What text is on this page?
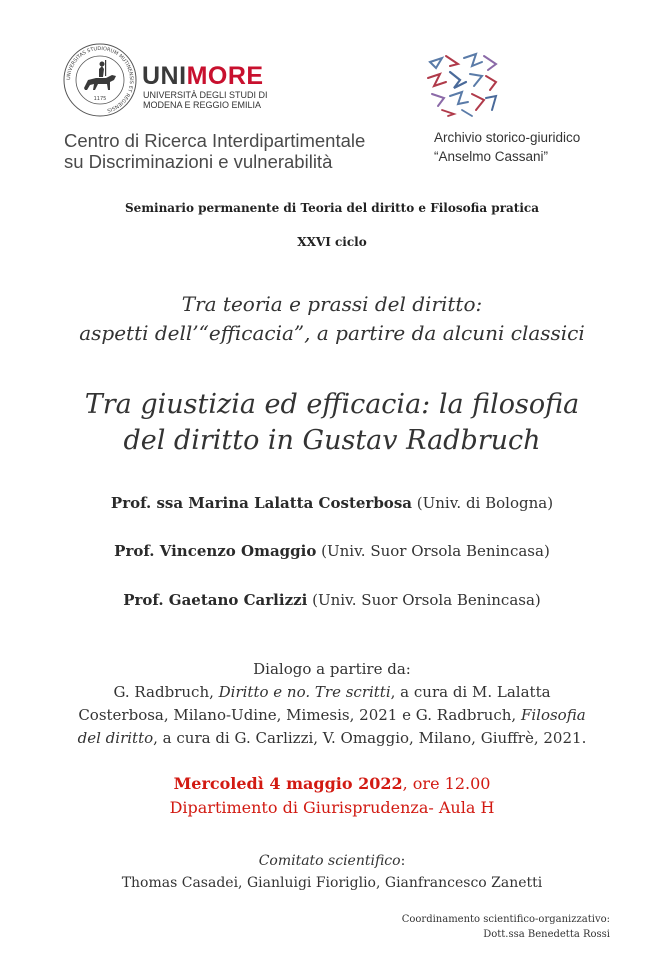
UNIVERSITAS STUDIORUM MUTINENSIS ET REGIENSIS
1175
UNIMORE
UNIVERSITÀ DEGLI STUDI DI
MODENA E REGGIO EMILIA
Centro di Ricerca Interdipartimentale
su Discriminazioni e vulnerabilità
Archivio storico-giuridico
“Anselmo Cassani”
Seminario permanente di Teoria del diritto e Filosofia pratica
XXVI ciclo
Tra teoria e prassi del diritto:
aspetti dell’“efficacia”, a partire da alcuni classici
Tra giustizia ed efficacia: la filosofia
del diritto in Gustav Radbruch
Prof. ssa Marina Lalatta Costerbosa (Univ. di Bologna)
Prof. Vincenzo Omaggio (Univ. Suor Orsola Benincasa)
Prof. Gaetano Carlizzi (Univ. Suor Orsola Benincasa)
Dialogo a partire da:
G. Radbruch, Diritto e no. Tre scritti, a cura di M. Lalatta
Costerbosa, Milano-Udine, Mimesis, 2021 e G. Radbruch, Filosofia
del diritto, a cura di G. Carlizzi, V. Omaggio, Milano, Giuffrè, 2021.
Mercoledì 4 maggio 2022, ore 12.00
Dipartimento di Giurisprudenza- Aula H
Comitato scientifico:
Thomas Casadei, Gianluigi Fioriglio, Gianfrancesco Zanetti
Coordinamento scientifico-organizzativo:
Dott.ssa Benedetta Rossi
